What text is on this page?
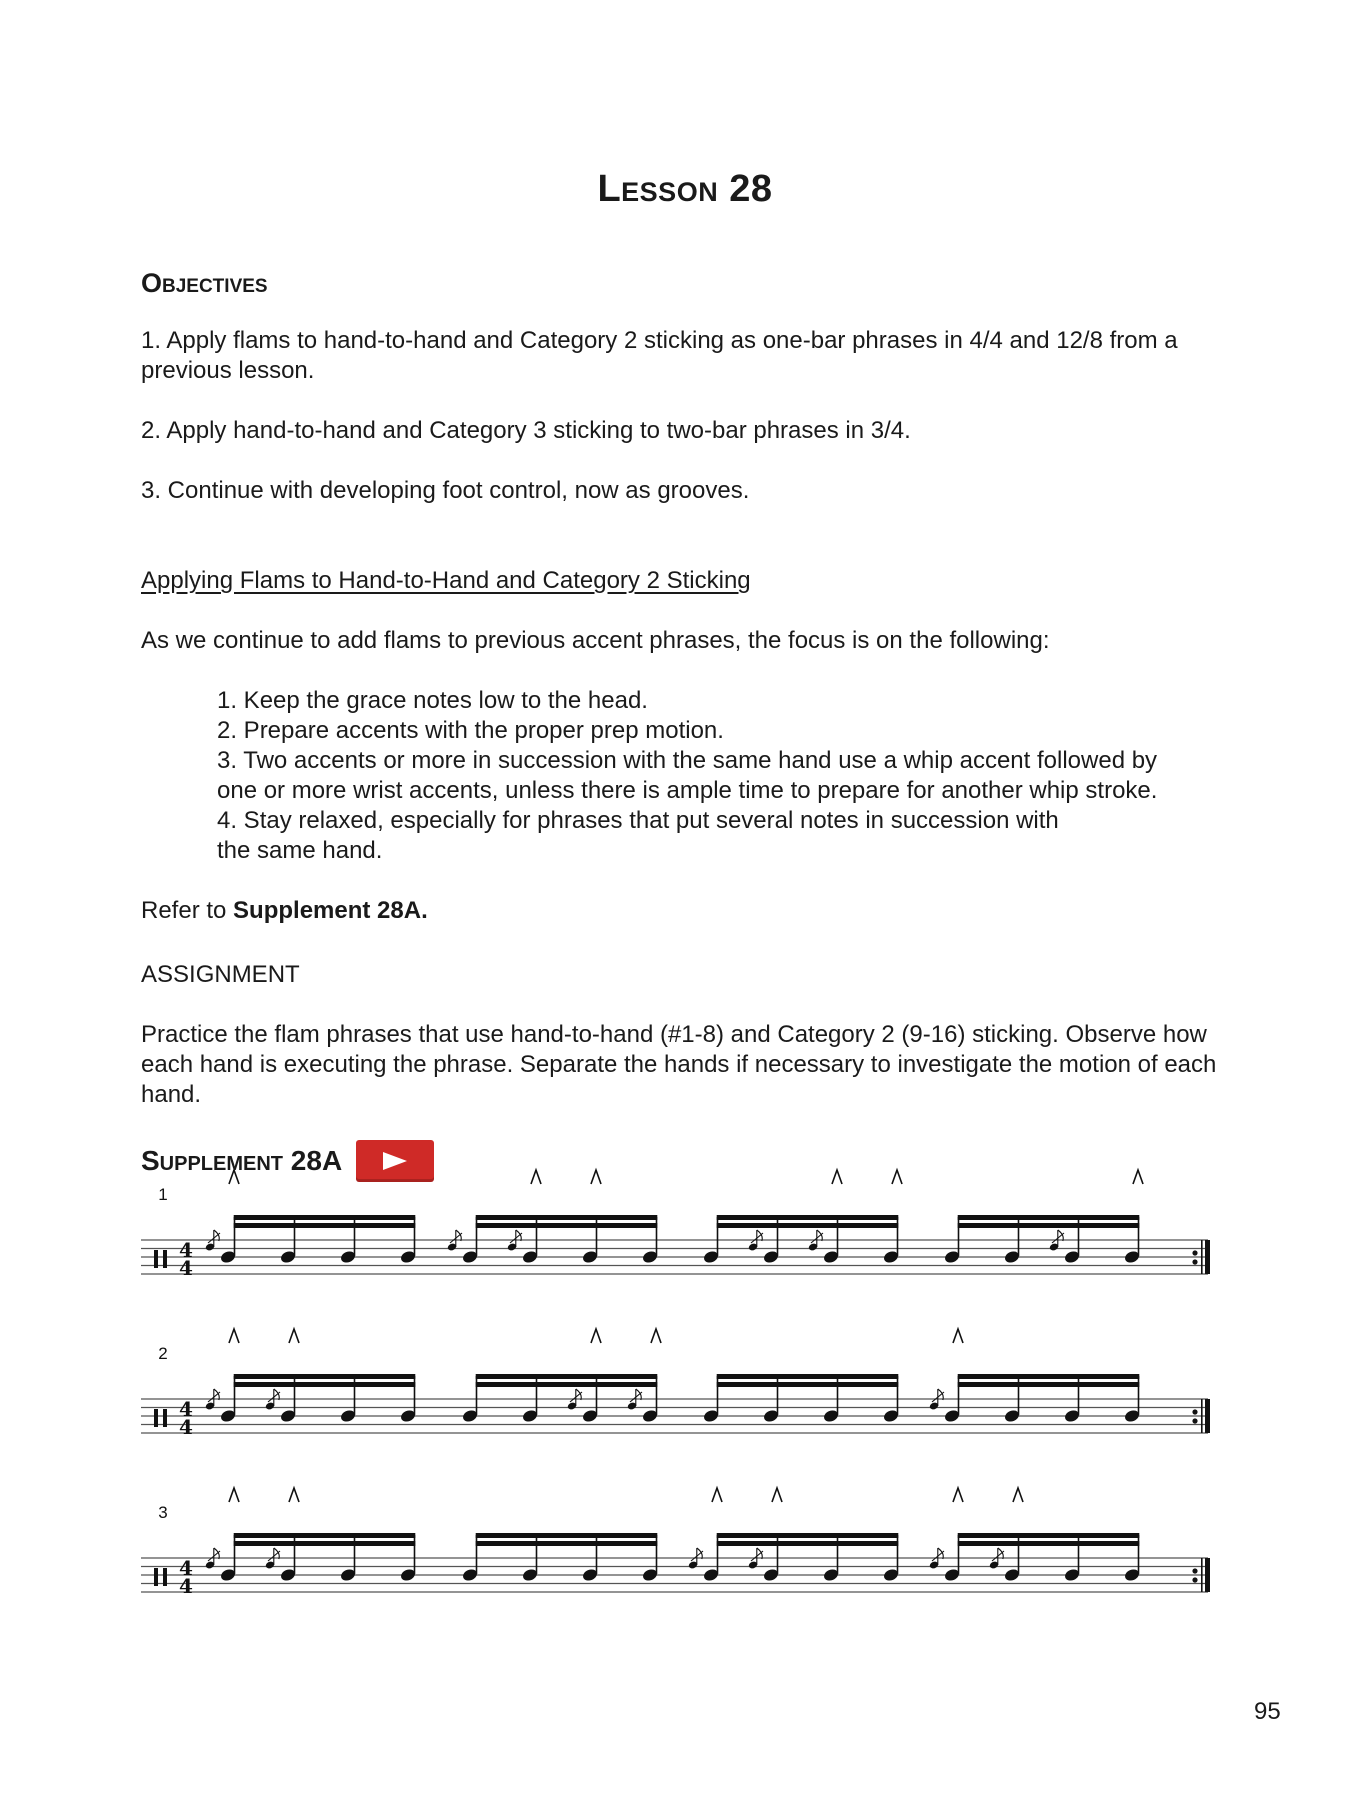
Lesson 28

Objectives

1. Apply flams to hand-to-hand and Category 2 sticking as one-bar phrases in 4/4 and 12/8 from a previous lesson.

2. Apply hand-to-hand and Category 3 sticking to two-bar phrases in 3/4.

3. Continue with developing foot control, now as grooves.

Applying Flams to Hand-to-Hand and Category 2 Sticking

As we continue to add flams to previous accent phrases, the focus is on the following:

1. Keep the grace notes low to the head.
2. Prepare accents with the proper prep motion.
3. Two accents or more in succession with the same hand use a whip accent followed by
one or more wrist accents, unless there is ample time to prepare for another whip stroke.
4. Stay relaxed, especially for phrases that put several notes in succession with
the same hand.

Refer to Supplement 28A.

ASSIGNMENT

Practice the flam phrases that use hand-to-hand (#1-8) and Category 2 (9-16) sticking. Observe how each hand is executing the phrase. Separate the hands if necessary to investigate the motion of each hand.

Supplement 28A
4
4
1
4
4
2
4
4
3

95
